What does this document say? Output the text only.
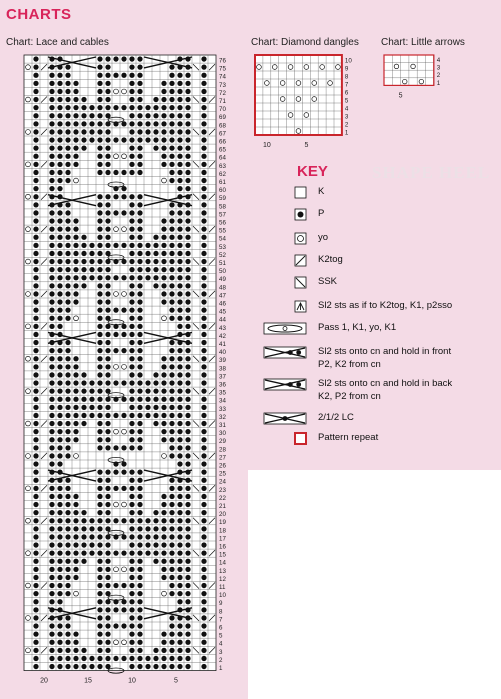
SHAPE HEEL
CHARTS
Chart: Lace and cables	Chart: Diamond dangles Chart: Little arrows
76
75
74
73
72
71
70
69
68
67
66
65
64
63
62
61
60
59
58
57
56
55
54
53
52
51
50
49
48
47
46
45
44
43
42
41
40
39
38
37
36
35
34
33
32
31
30
29
28
27
26
25
24
23
22
21
20
19
18
17
16
15
14
13
12
11
10
9
8
7
6
5
4
3
2
1
20	15	10	5
10
9
8
7
6
5
4
3
2
1
10	5
4
3
2
1
5
KEY
K
P
yo
K2tog
SSK
Sl2 sts as if to K2tog, K1, p2sso
Pass 1, K1, yo, K1
Sl2 sts onto cn and hold in front
P2, K2 from cn
Sl2 sts onto cn and hold in back
K2, P2 from cn
2/1/2 LC
Pattern repeat
